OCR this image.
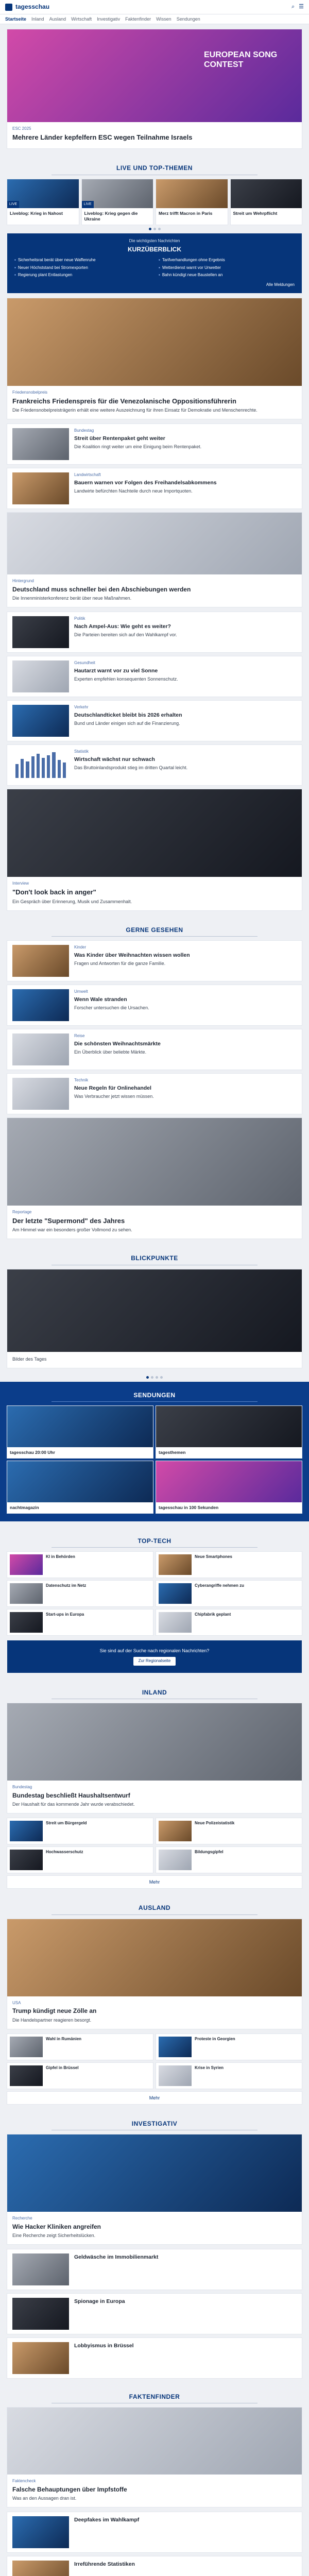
tagesschau	⌕ ☰
Startseite Inland Ausland Wirtschaft Investigativ Faktenfinder Wissen Sendungen
EUROPEAN SONG CONTEST
ESC 2025
Mehrere Länder kepfelfern ESC wegen Teilnahme Israels
LIVE UND TOP-THEMEN
LIVE
Liveblog: Krieg in Nahost
LIVE
Liveblog: Krieg gegen die Ukraine
Merz trifft Macron in Paris	Streit um Wehrpflicht
Die wichtigsten Nachrichten
KURZÜBERBLICK
▪ Sicherheitsrat berät über neue Waffenruhe	▪ Tarifverhandlungen ohne Ergebnis
▪ Neuer Höchststand bei Stromexporten	▪ Wetterdienst warnt vor Unwetter
▪ Regierung plant Entlastungen	▪ Bahn kündigt neue Baustellen an
Alle Meldungen
Friedensnobelpreis
Frankreichs Friedenspreis für die Venezolanische Oppositionsführerin
Die Friedensnobelpreisträgerin erhält eine weitere Auszeichnung für ihren Einsatz für Demokratie und Menschenrechte.
Bundestag
Streit über Rentenpaket geht weiter
Die Koalition ringt weiter um eine Einigung beim Rentenpaket.
Landwirtschaft
Bauern warnen vor Folgen des Freihandelsabkommens
Landwirte befürchten Nachteile durch neue Importquoten.
Hintergrund
Deutschland muss schneller bei den Abschiebungen werden
Die Innenministerkonferenz berät über neue Maßnahmen.
Politik
Nach Ampel-Aus: Wie geht es weiter?
Die Parteien bereiten sich auf den Wahlkampf vor.
Gesundheit
Hautarzt warnt vor zu viel Sonne
Experten empfehlen konsequenten Sonnenschutz.
Verkehr
Deutschlandticket bleibt bis 2026 erhalten
Bund und Länder einigen sich auf die Finanzierung.
Statistik
Wirtschaft wächst nur schwach
Das Bruttoinlandsprodukt stieg im dritten Quartal leicht.
Interview
"Don't look back in anger"
Ein Gespräch über Erinnerung, Musik und Zusammenhalt.
GERNE GESEHEN
Kinder
Was Kinder über Weihnachten wissen wollen
Fragen und Antworten für die ganze Familie.
Umwelt
Wenn Wale stranden
Forscher untersuchen die Ursachen.
Reise
Die schönsten Weihnachtsmärkte
Ein Überblick über beliebte Märkte.
Technik
Neue Regeln für Onlinehandel
Was Verbraucher jetzt wissen müssen.
Reportage
Der letzte "Supermond" des Jahres
Am Himmel war ein besonders großer Vollmond zu sehen.
BLICKPUNKTE
Bilder des Tages
SENDUNGEN
tagesschau 20:00 Uhr	tagesthemen
nachtmagazin	tagesschau in 100 Sekunden
TOP-TECH
KI in Behörden	Neue Smartphones
Datenschutz im Netz	Cyberangriffe nehmen zu
Start-ups in Europa	Chipfabrik geplant
Sie sind auf der Suche nach regionalen Nachrichten?
Zur Regionalseite
INLAND
Bundestag
Bundestag beschließt Haushaltsentwurf
Der Haushalt für das kommende Jahr wurde verabschiedet.
Streit um Bürgergeld	Neue Polizeistatistik
Hochwasserschutz	Bildungsgipfel
Mehr
AUSLAND
USA
Trump kündigt neue Zölle an
Die Handelspartner reagieren besorgt.
Wahl in Rumänien	Proteste in Georgien
Gipfel in Brüssel	Krise in Syrien
Mehr
INVESTIGATIV
Recherche
Wie Hacker Kliniken angreifen
Eine Recherche zeigt Sicherheitslücken.
Geldwäsche im Immobilienmarkt
Spionage in Europa
Lobbyismus in Brüssel
FAKTENFINDER
Faktencheck
Falsche Behauptungen über Impfstoffe
Was an den Aussagen dran ist.
Deepfakes im Wahlkampf
Irreführende Statistiken
